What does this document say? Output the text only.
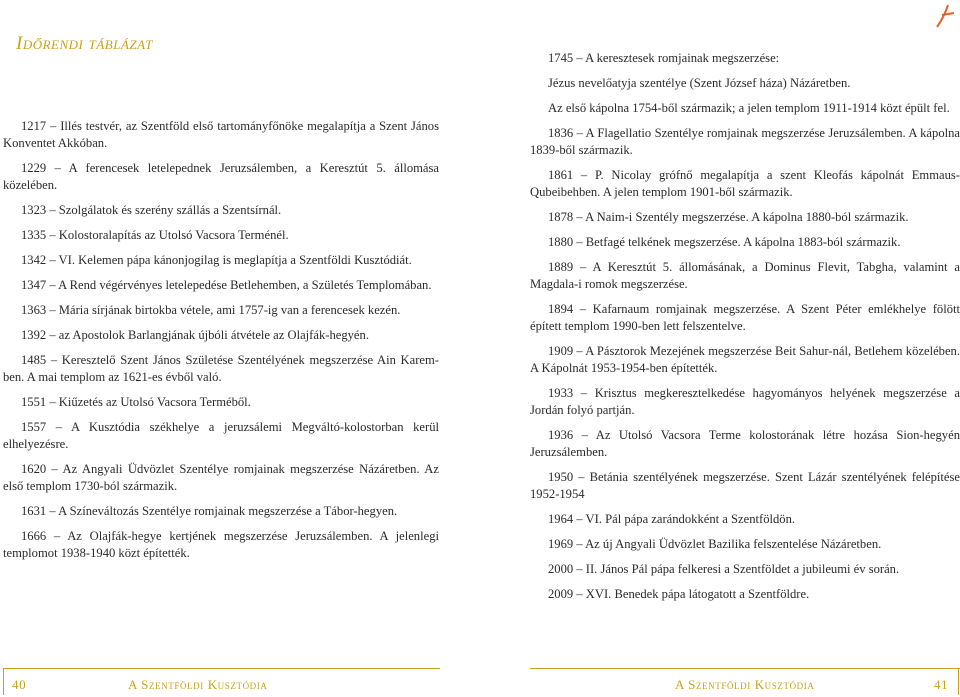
Időrendi táblázat

1217 – Illés testvér, az Szentföld első tartományfőnöke megalapítja a Szent János Konventet Akkóban.

1229 – A ferencesek letelepednek Jeruzsálemben, a Keresztút 5. állomása közelében.

1323 – Szolgálatok és szerény szállás a Szentsírnál.

1335 – Kolostoralapítás az Utolsó Vacsora Terménél.

1342 – VI. Kelemen pápa kánonjogilag is meglapítja a Szentföldi Kusztódiát.

1347 – A Rend végérvényes letelepedése Betlehemben, a Születés Templomában.

1363 – Mária sírjának birtokba vétele, ami 1757-ig van a ferencesek kezén.

1392 – az Apostolok Barlangjának újbóli átvétele az Olajfák-hegyén.

1485 – Keresztelő Szent János Születése Szentélyének megszerzése Ain Karem-ben. A mai templom az 1621-es évből való.

1551 – Kiűzetés az Utolsó Vacsora Terméből.

1557 – A Kusztódia székhelye a jeruzsálemi Megváltó-kolostorban kerül elhelyezésre.

1620 – Az Angyali Üdvözlet Szentélye romjainak megszerzése Názáretben. Az első templom 1730-ból származik.

1631 – A Színeváltozás Szentélye romjainak megszerzése a Tábor-hegyen.

1666 – Az Olajfák-hegye kertjének megszerzése Jeruzsálemben. A jelenlegi templomot 1938-1940 közt építették.

1745 – A keresztesek romjainak megszerzése:

Jézus nevelőatyja szentélye (Szent József háza) Názáretben.

Az első kápolna 1754-ből származik; a jelen templom 1911-1914 közt épült fel.

1836 – A Flagellatio Szentélye romjainak megszerzése Jeruzsálemben. A kápolna 1839-ből származik.

1861 – P. Nicolay grófnő megalapítja a szent Kleofás kápolnát Emmaus-Qubeibehben. A jelen templom 1901-ből származik.

1878 – A Naim-i Szentély megszerzése. A kápolna 1880-ból származik.

1880 – Betfagé telkének megszerzése. A kápolna 1883-ból származik.

1889 – A Keresztút 5. állomásának, a Dominus Flevit, Tabgha, valamint a Magdala-i romok megszerzése.

1894 – Kafarnaum romjainak megszerzése. A Szent Péter emlékhelye fölött épített templom 1990-ben lett felszentelve.

1909 – A Pásztorok Mezejének megszerzése Beit Sahur-nál, Betlehem közelében. A Kápolnát 1953-1954-ben építették.

1933 – Krisztus megkeresztelkedése hagyományos helyének megszerzése a Jordán folyó partján.

1936 – Az Utolsó Vacsora Terme kolostorának létre hozása Sion-hegyén Jeruzsálemben.

1950 – Betánia szentélyének megszerzése. Szent Lázár szentélyének felépítése 1952-1954

1964 – VI. Pál pápa zarándokként a Szentföldön.

1969 – Az új Angyali Üdvözlet Bazilika felszentelése Názáretben.

2000 – II. János Pál pápa felkeresi a Szentföldet a jubileumi év során.

2009 – XVI. Benedek pápa látogatott a Szentföldre.

40	A Szentföldi Kusztódia	A Szentföldi Kusztódia	41
